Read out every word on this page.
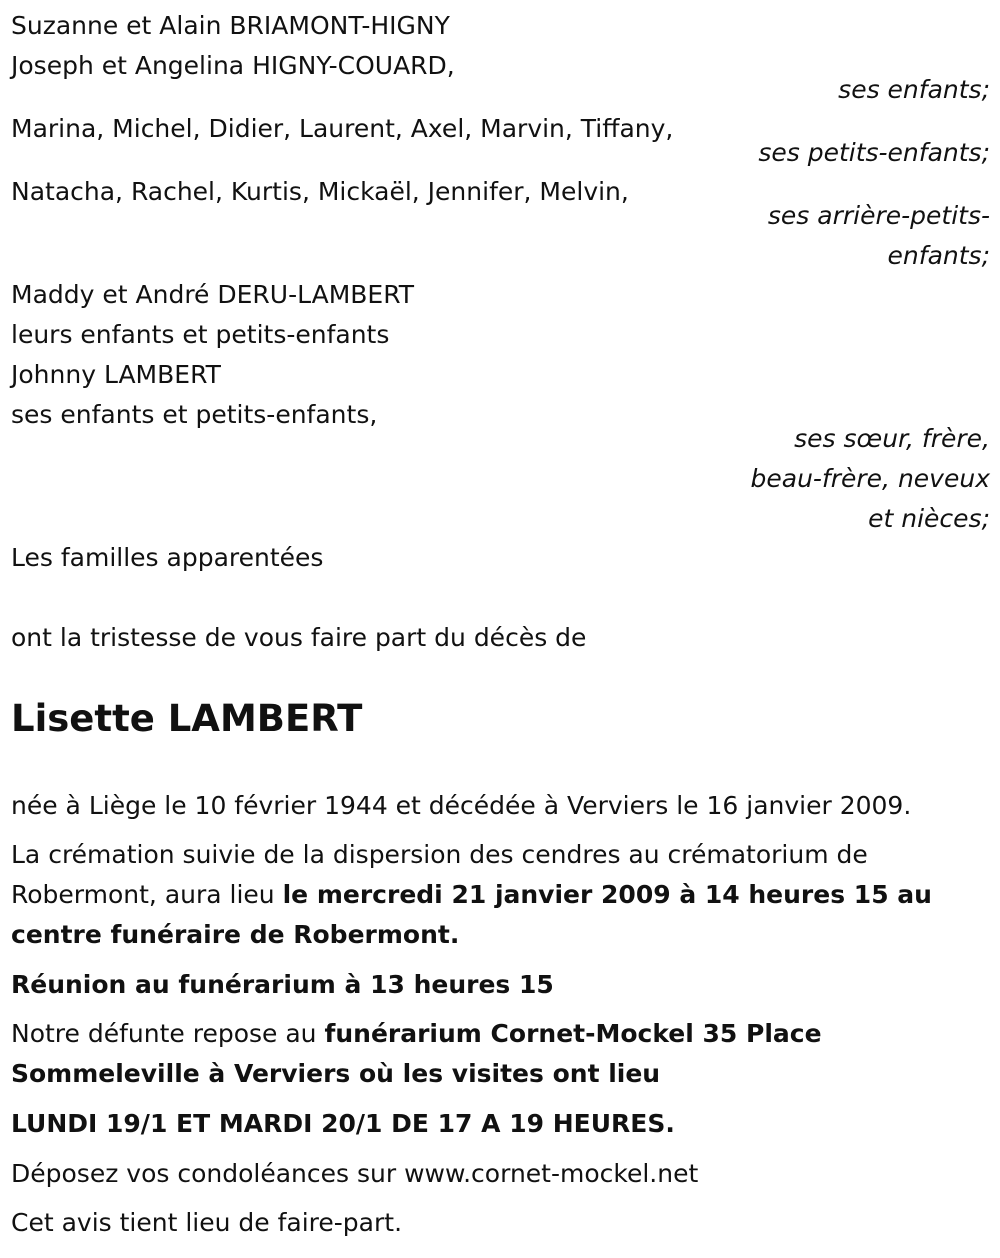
Suzanne et Alain BRIAMONT-HIGNY
Joseph et Angelina HIGNY-COUARD,
ses enfants;
Marina, Michel, Didier, Laurent, Axel, Marvin, Tiffany,
ses petits-enfants;
Natacha, Rachel, Kurtis, Mickaël, Jennifer, Melvin,
ses arrière-petits-
enfants;
Maddy et André DERU-LAMBERT
leurs enfants et petits-enfants
Johnny LAMBERT
ses enfants et petits-enfants,
ses sœur, frère,
beau-frère, neveux
et nièces;
Les familles apparentées
ont la tristesse de vous faire part du décès de
Lisette LAMBERT
née à Liège le 10 février 1944 et décédée à Verviers le 16 janvier 2009.
La crémation suivie de la dispersion des cendres au crématorium de
Robermont, aura lieu le mercredi 21 janvier 2009 à 14 heures 15 au
centre funéraire de Robermont.
Réunion au funérarium à 13 heures 15
Notre défunte repose au funérarium Cornet-Mockel 35 Place
Sommeleville à Verviers où les visites ont lieu
LUNDI 19/1 ET MARDI 20/1 DE 17 A 19 HEURES.
Déposez vos condoléances sur www.cornet-mockel.net
Cet avis tient lieu de faire-part.
